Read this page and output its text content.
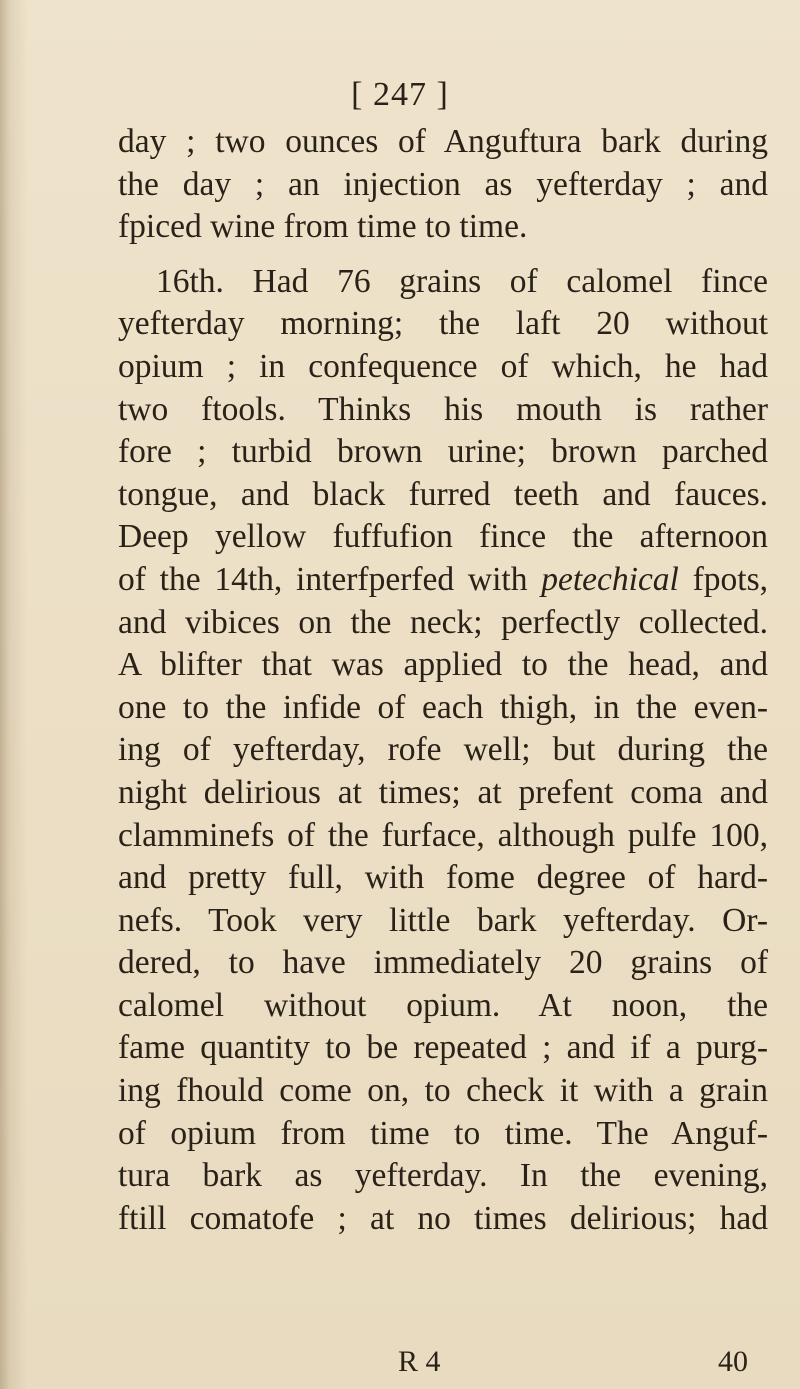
[ 247 ]
day ; two ounces of Anguftura bark during
the day ; an injection as yefterday ; and
fpiced wine from time to time.
16th. Had 76 grains of calomel fince
yefterday morning; the laft 20 without
opium ; in confequence of which, he had
two ftools. Thinks his mouth is rather
fore ; turbid brown urine; brown parched
tongue, and black furred teeth and fauces.
Deep yellow fuffufion fince the afternoon
of the 14th, interfperfed with petechical fpots,
and vibices on the neck; perfectly collected.
A blifter that was applied to the head, and
one to the infide of each thigh, in the even-
ing of yefterday, rofe well; but during the
night delirious at times; at prefent coma and
clamminefs of the furface, although pulfe 100,
and pretty full, with fome degree of hard-
nefs. Took very little bark yefterday. Or-
dered, to have immediately 20 grains of
calomel without opium. At noon, the
fame quantity to be repeated ; and if a purg-
ing fhould come on, to check it with a grain
of opium from time to time. The Anguf-
tura bark as yefterday. In the evening,
ftill comatofe ; at no times delirious; had
R 4	40
